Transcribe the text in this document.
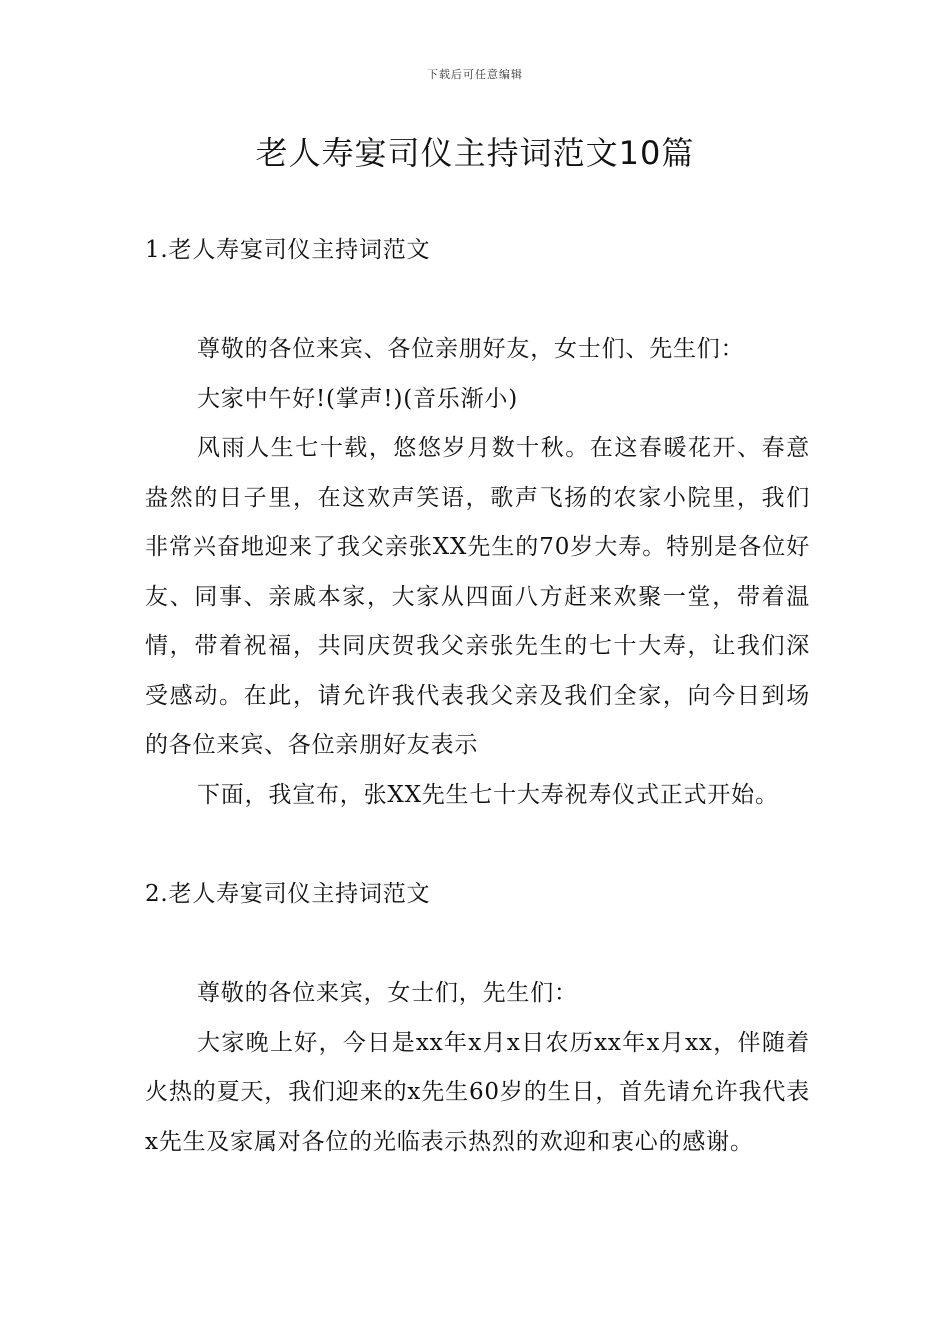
下载后可任意编辑
老人寿宴司仪主持词范文10篇
1.老人寿宴司仪主持词范文

尊敬的各位来宾、各位亲朋好友，女士们、先生们：

大家中午好!(掌声!)(音乐渐小)

风雨人生七十载，悠悠岁月数十秋。在这春暖花开、春意盎然的日子里，在这欢声笑语，歌声飞扬的农家小院里，我们非常兴奋地迎来了我父亲张XX先生的70岁大寿。特别是各位好友、同事、亲戚本家，大家从四面八方赶来欢聚一堂，带着温情，带着祝福，共同庆贺我父亲张先生的七十大寿，让我们深受感动。在此，请允许我代表我父亲及我们全家，向今日到场的各位来宾、各位亲朋好友表示

下面，我宣布，张XX先生七十大寿祝寿仪式正式开始。

2.老人寿宴司仪主持词范文

尊敬的各位来宾，女士们，先生们：

大家晚上好，今日是xx年x月x日农历xx年x月xx，伴随着火热的夏天，我们迎来的x先生60岁的生日，首先请允许我代表x先生及家属对各位的光临表示热烈的欢迎和衷心的感谢。
